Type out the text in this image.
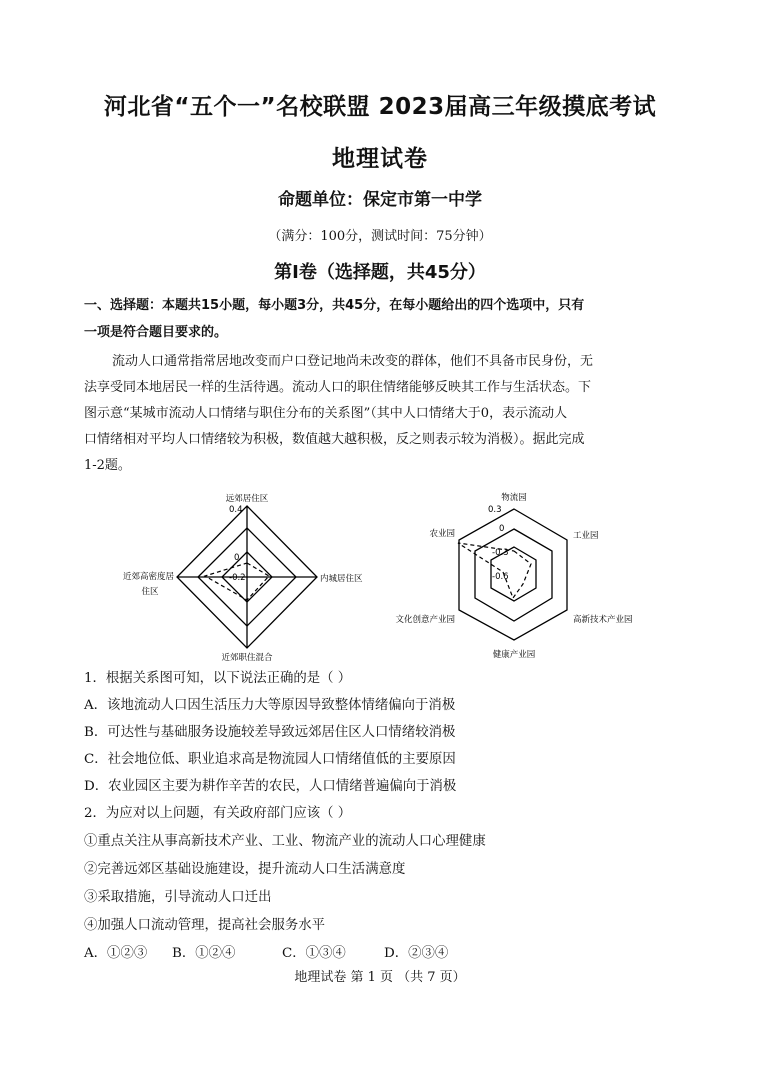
河北省“五个一”名校联盟 2023届高三年级摸底考试
地理试卷
命题单位：保定市第一中学
（满分：100分，测试时间：75分钟）
第Ⅰ卷（选择题，共45分）
一、选择题：本题共15小题，每小题3分，共45分，在每小题给出的四个选项中，只有
一项是符合题目要求的。
流动人口通常指常居地改变而户口登记地尚未改变的群体，他们不具备市民身份，无
法享受同本地居民一样的生活待遇。流动人口的职住情绪能够反映其工作与生活状态。下
图示意“某城市流动人口情绪与职住分布的关系图”（其中人口情绪大于0，表示流动人
口情绪相对平均人口情绪较为积极，数值越大越积极，反之则表示较为消极）。据此完成
1-2题。
远郊居住区
内城居住区
近郊职住混合
近郊高密度居
住区
0.4
0
-0.2
物流园
工业园
高新技术产业园
健康产业园
文化创意产业园
农业园
0.3
0
-0.3
-0.6
1．根据关系图可知，以下说法正确的是（ ）
A．该地流动人口因生活压力大等原因导致整体情绪偏向于消极
B．可达性与基础服务设施较差导致远郊居住区人口情绪较消极
C．社会地位低、职业追求高是物流园人口情绪值低的主要原因
D．农业园区主要为耕作辛苦的农民，人口情绪普遍偏向于消极
2．为应对以上问题，有关政府部门应该（ ）
①重点关注从事高新技术产业、工业、物流产业的流动人口心理健康
②完善远郊区基础设施建设，提升流动人口生活满意度
③采取措施，引导流动人口迁出
④加强人口流动管理，提高社会服务水平
A．①②③ B．①②④	C．①③④	D．②③④
地理试卷 第 1 页 （共 7 页）
